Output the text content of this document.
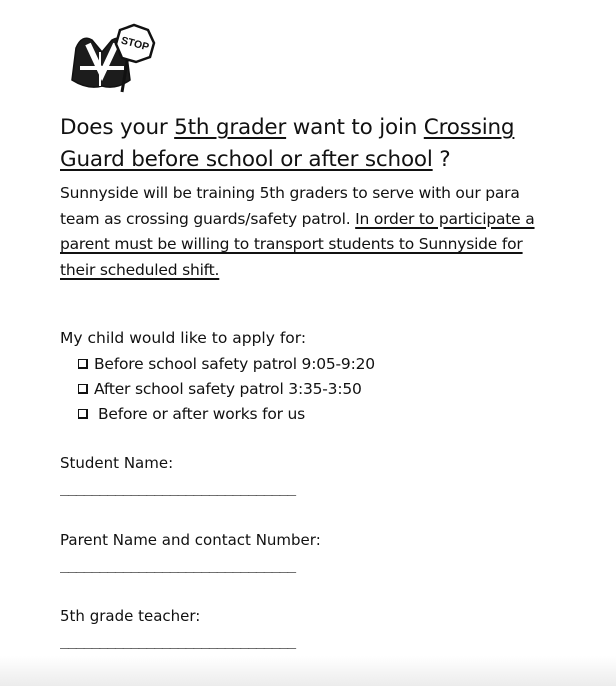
STOP
Does your 5th grader want to join Crossing Guard before school or after school ?

Sunnyside will be training 5th graders to serve with our para team as crossing guards/safety patrol. In order to participate a parent must be willing to transport students to Sunnyside for their scheduled shift.

My child would like to apply for:

Before school safety patrol 9:05-9:20
After school safety patrol 3:35-3:50
Before or after works for us

Student Name:

______________________________

Parent Name and contact Number:

______________________________

5th grade teacher:

______________________________
